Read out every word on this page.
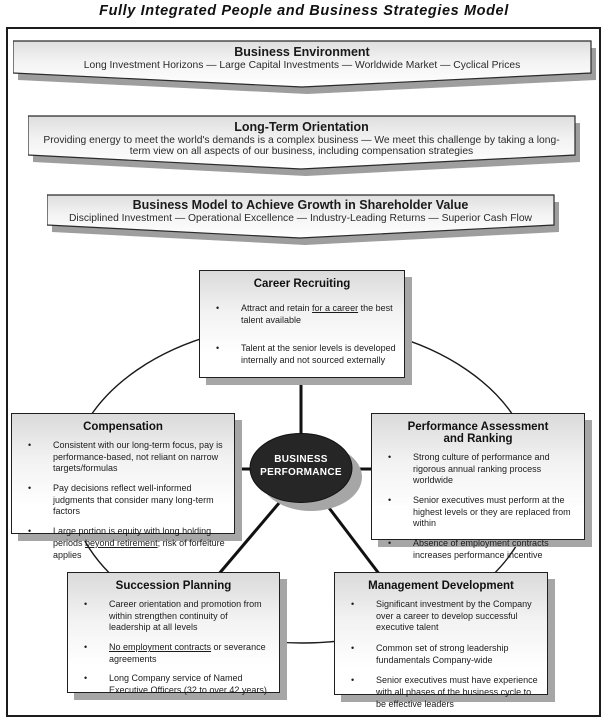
Fully Integrated People and Business Strategies Model
Business Environment
Long Investment Horizons — Large Capital Investments — Worldwide Market — Cyclical Prices
Long-Term Orientation
Providing energy to meet the world's demands is a complex business — We meet this challenge by taking a long-term view on all aspects of our business, including compensation strategies
Business Model to Achieve Growth in Shareholder Value
Disciplined Investment — Operational Excellence — Industry-Leading Returns — Superior Cash Flow
BUSINESS
PERFORMANCE
Career Recruiting
•	Attract and retain for a career the best talent available
•	Talent at the senior levels is developed internally and not sourced externally
Compensation
•	Consistent with our long-term focus, pay is performance-based, not reliant on narrow targets/formulas
•	Pay decisions reflect well-informed judgments that consider many long-term factors
•	Large portion is equity with long holding periods beyond retirement; risk of forfeiture applies
Performance Assessment and Ranking
•	Strong culture of performance and rigorous annual ranking process worldwide
•	Senior executives must perform at the highest levels or they are replaced from within
•	Absence of employment contracts increases performance incentive
Succession Planning
•	Career orientation and promotion from within strengthen continuity of leadership at all levels
•	No employment contracts or severance agreements
•	Long Company service of Named Executive Officers (32 to over 42 years)
Management Development
•	Significant investment by the Company over a career to develop successful executive talent
•	Common set of strong leadership fundamentals Company-wide
•	Senior executives must have experience with all phases of the business cycle to be effective leaders
